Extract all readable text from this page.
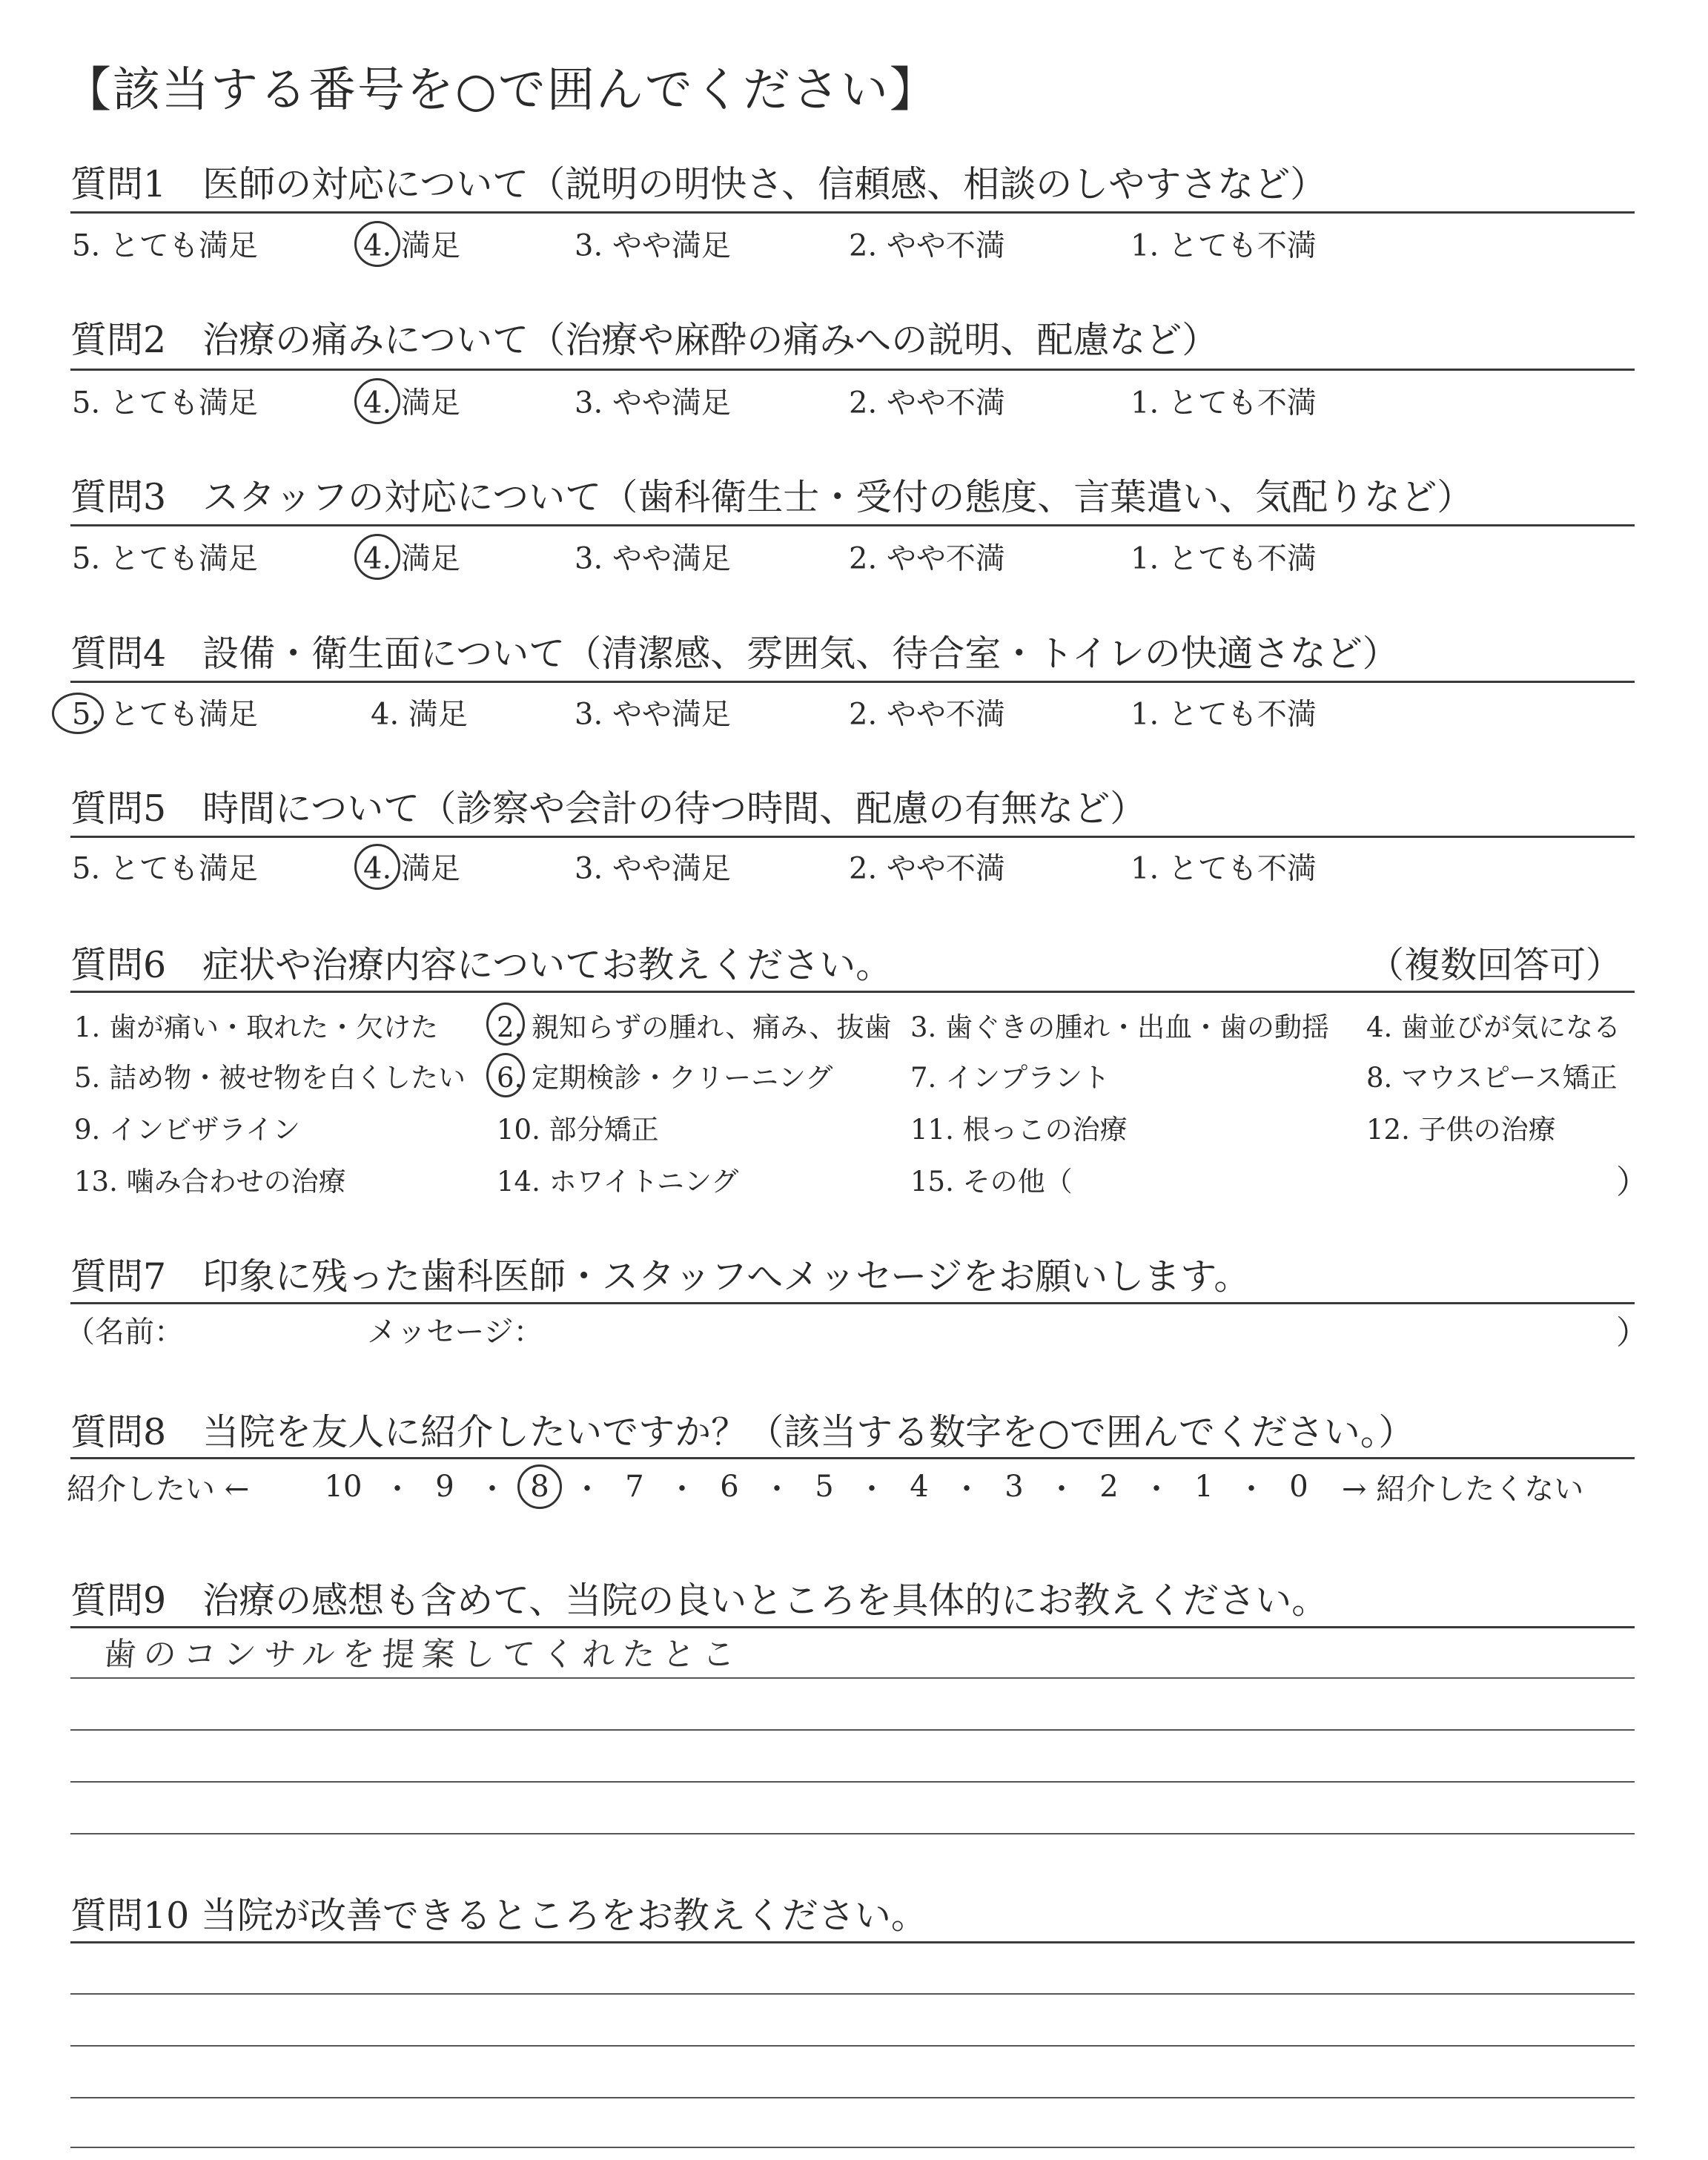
【該当する番号を○で囲んでください】
質問1　医師の対応について（説明の明快さ、信頼感、相談のしやすさなど）
5. とても満足	4. 満足	3. やや満足	2. やや不満	1. とても不満
質問2　治療の痛みについて（治療や麻酔の痛みへの説明、配慮など）
5. とても満足	4. 満足	3. やや満足	2. やや不満	1. とても不満
質問3　スタッフの対応について（歯科衛生士・受付の態度、言葉遣い、気配りなど）
5. とても満足	4. 満足	3. やや満足	2. やや不満	1. とても不満
質問4　設備・衛生面について（清潔感、雰囲気、待合室・トイレの快適さなど）
5. とても満足	4. 満足	3. やや満足	2. やや不満	1. とても不満
質問5　時間について（診察や会計の待つ時間、配慮の有無など）
5. とても満足	4. 満足	3. やや満足	2. やや不満	1. とても不満
質問6　症状や治療内容についてお教えください。	（複数回答可）
1. 歯が痛い・取れた・欠けた 2. 親知らずの腫れ、痛み、抜歯 3. 歯ぐきの腫れ・出血・歯の動揺 4. 歯並びが気になる
5. 詰め物・被せ物を白くしたい 6. 定期検診・クリーニング	7. インプラント	8. マウスピース矯正
9. インビザライン	10. 部分矯正	11. 根っこの治療	12. 子供の治療
13. 噛み合わせの治療	14. ホワイトニング	15. その他（	）
質問7　印象に残った歯科医師・スタッフへメッセージをお願いします。
（名前：	メッセージ：	）
質問8　当院を友人に紹介したいですか？（該当する数字を○で囲んでください。）
紹介したい ←	10 ・ 9 ・ 8 ・ 7 ・ 6 ・ 5 ・ 4 ・ 3 ・ 2 ・ 1 ・ 0 → 紹介したくない
質問9　治療の感想も含めて、当院の良いところを具体的にお教えください。
歯のコンサルを提案してくれたとこ
質問10 当院が改善できるところをお教えください。
